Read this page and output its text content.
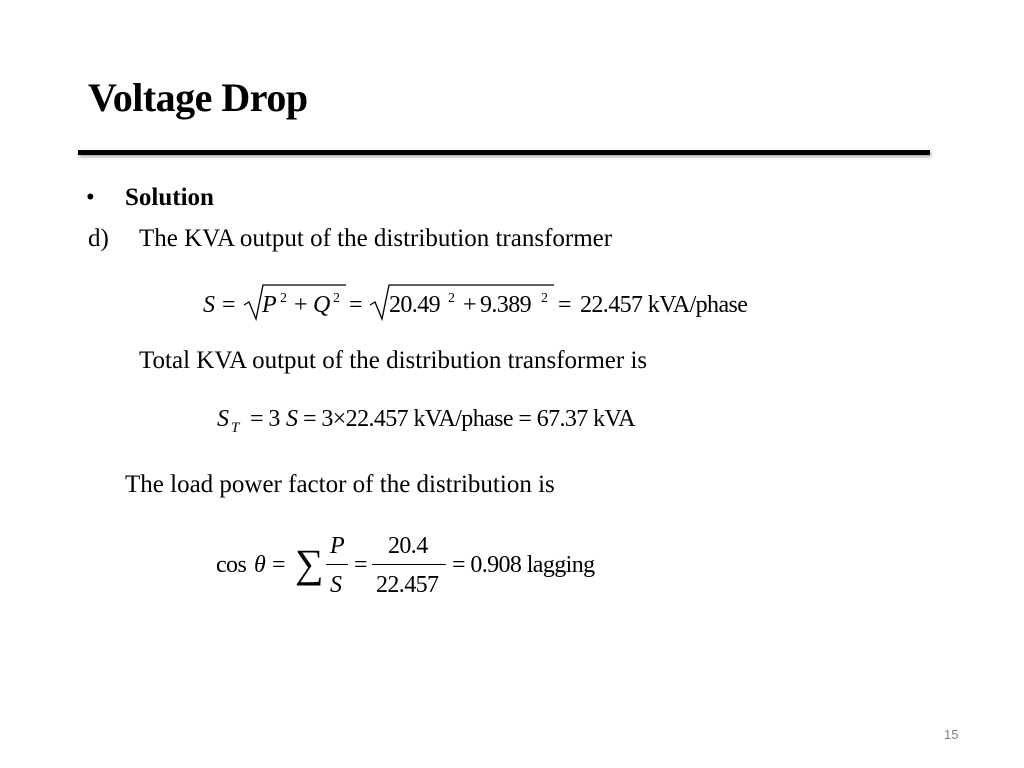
Voltage Drop
• Solution
d) The KVA output of the distribution transformer
S = P 2 + Q 2 = 20.49 2 + 9.389 2 = 22.457 kVA/phase
Total KVA output of the distribution transformer is
S T = 3 S = 3×22.457 kVA/phase = 67.37 kVA
The load power factor of the distribution is
cos θ = ∑ P
S
=
20.4
22.457
= 0.908 lagging
15
